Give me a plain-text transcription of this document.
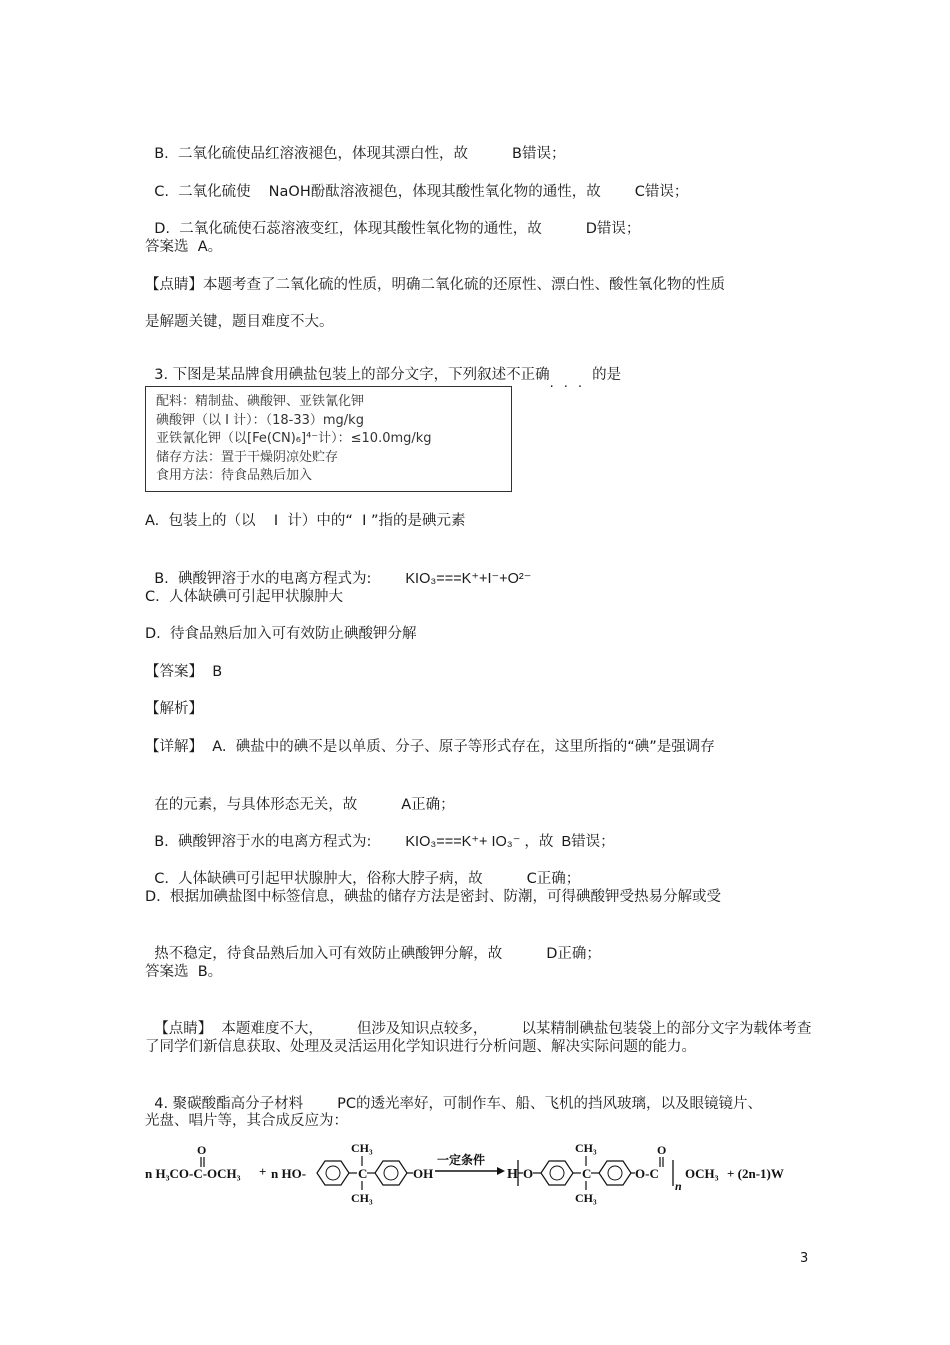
B.  二氧化硫使品红溶液褪色，体现其漂白性，故	B错误；

C.  二氧化硫使 NaOH酚酞溶液褪色，体现其酸性氧化物的通性，故 C错误；

D.  二氧化硫使石蕊溶液变红，体现其酸性氧化物的通性，故	D错误；

答案选  A。
【点睛】本题考查了二氧化硫的性质，明确二氧化硫的还原性、漂白性、酸性氧化物的性质
是解题关键，题目难度不大。

3. 下图是某品牌食用碘盐包装上的部分文字，下列叙述不正确...的是

配料：精制盐、碘酸钾、亚铁氰化钾
碘酸钾（以 I 计）：（18-33）mg/kg
亚铁氰化钾（以[Fe(CN)₆]⁴⁻计）：≤10.0mg/kg
储存方法：置于干燥阴凉处贮存
食用方法：待食品熟后加入
A.  包装上的（以    I  计）中的“  I ”指的是碘元素

B.  碘酸钾溶于水的电离方程式为: KIO₃===K⁺+I⁻+O²⁻

C.  人体缺碘可引起甲状腺肿大
D.  待食品熟后加入可有效防止碘酸钾分解
【答案】  B
【解析】
【详解】  A.  碘盐中的碘不是以单质、分子、原子等形式存在，这里所指的“碘”是强调存

在的元素，与具体形态无关，故	A正确；

B.  碘酸钾溶于水的电离方程式为: KIO₃===K⁺+ IO₃⁻ ，故  B错误；

C.  人体缺碘可引起甲状腺肿大，俗称大脖子病，故	C正确；

D.  根据加碘盐图中标签信息，碘盐的储存方法是密封、防潮，可得碘酸钾受热易分解或受

热不稳定，待食品熟后加入可有效防止碘酸钾分解，故	D正确；

答案选  B。

【点睛】  本题难度不大， 但涉及知识点较多， 以某精制碘盐包装袋上的部分文字为载体考查

了同学们新信息获取、处理及灵活运用化学知识进行分析问题、解决实际问题的能力。

4. 聚碳酸酯高分子材料 PC的透光率好，可制作车、船、飞机的挡风玻璃，以及眼镜镜片、

光盘、唱片等，其合成反应为：
n H₃CO-C-OCH₃
O
+ n HO-	C
CH₃
CH₃
OH
一定条件
H O	C
CH₃
CH₃
O-C
O
n
OCH₃ + (2n-1)W
3
